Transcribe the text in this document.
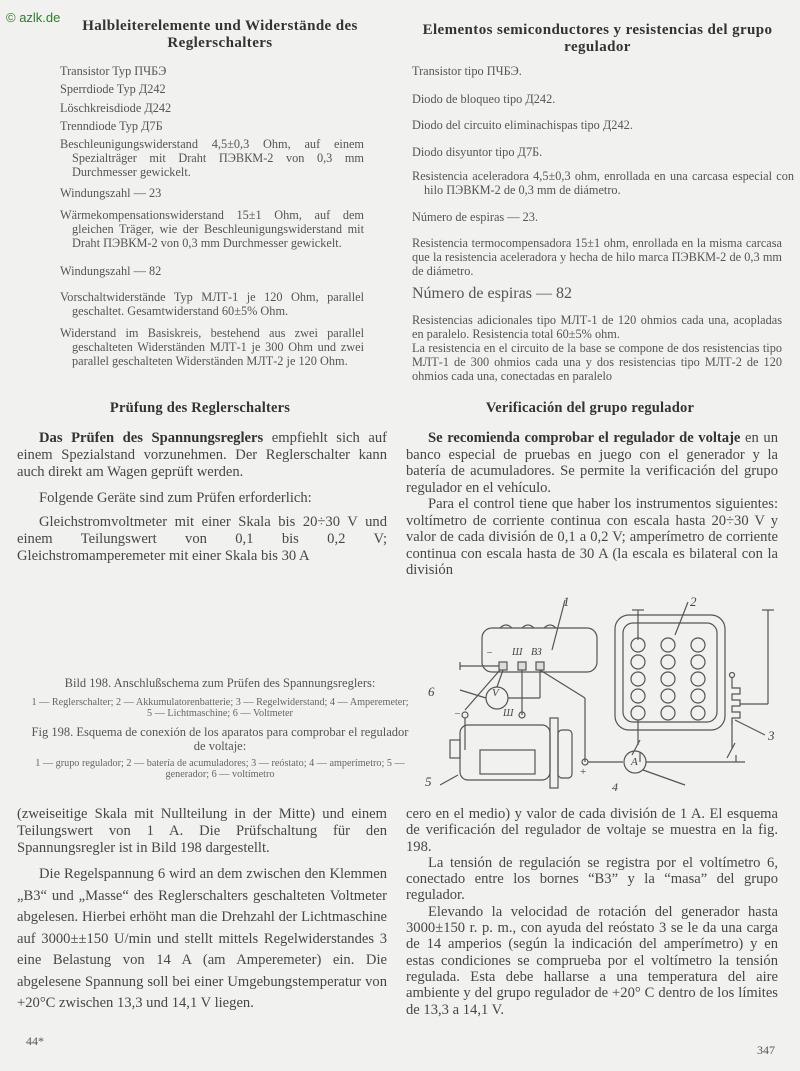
© azlk.de
Halbleiterelemente und Widerstände des Reglerschalters
Transistor Typ ПЧБЭ
Sperrdiode Typ Д242
Löschkreisdiode Д242
Trenndiode Typ Д7Б
Beschleunigungswiderstand 4,5±0,3 Ohm, auf einem Spezialträger mit Draht ПЭВКМ-2 von 0,3 mm Durchmesser gewickelt.
Windungszahl — 23
Wärmekompensationswiderstand 15±1 Ohm, auf dem gleichen Träger, wie der Beschleunigungswiderstand mit Draht ПЭВКМ-2 von 0,3 mm Durchmesser gewickelt.
Windungszahl — 82
Vorschaltwiderstände Typ МЛТ-1 je 120 Ohm, parallel geschaltet. Gesamtwiderstand 60±5% Ohm.
Widerstand im Basiskreis, bestehend aus zwei parallel geschalteten Widerständen МЛТ-1 je 300 Ohm und zwei parallel geschalteten Widerständen МЛТ-2 je 120 Ohm.
Prüfung des Reglerschalters

Das Prüfen des Spannungsreglers empfiehlt sich auf einem Spezialstand vorzunehmen. Der Reglerschalter kann auch direkt am Wagen geprüft werden.

Folgende Geräte sind zum Prüfen erforderlich:

Gleichstromvoltmeter mit einer Skala bis 20÷30 V und einem Teilungswert von 0,1 bis 0,2 V; Gleichstromamperemeter mit einer Skala bis 30 A

Bild 198. Anschlußschema zum Prüfen des Spannungsreglers:
1 — Reglerschalter; 2 — Akkumulatorenbatterie; 3 — Regelwiderstand; 4 — Amperemeter; 5 — Lichtmaschine; 6 — Voltmeter
Fig 198. Esquema de conexión de los aparatos para comprobar el regulador de voltaje:
1 — grupo regulador; 2 — batería de acumuladores; 3 — reóstato; 4 — amperímetro; 5 — generador; 6 — voltímetro

(zweiseitige Skala mit Nullteilung in der Mitte) und einem Teilungswert von 1 A. Die Prüfschaltung für den Spannungsregler ist in Bild 198 dargestellt.

Die Regelspannung 6 wird an dem zwischen den Klemmen „B3“ und „Masse“ des Reglerschalters geschalteten Voltmeter abgelesen. Hierbei erhöht man die Drehzahl der Lichtmaschine auf 3000±±150 U/min und stellt mittels Regelwiderstandes 3 eine Belastung von 14 A (am Amperemeter) ein. Die abgelesene Spannung soll bei einer Umgebungstemperatur von +20°C zwischen 13,3 und 14,1 V liegen.

44*
Elementos semiconductores y resistencias del grupo regulador
Transistor tipo ПЧБЭ.
Diodo de bloqueo tipo Д242.
Diodo del circuito eliminachispas tipo Д242.
Diodo disyuntor tipo Д7Б.
Resistencia aceleradora 4,5±0,3 ohm, enrollada en una carcasa especial con hilo ПЭВКМ-2 de 0,3 mm de diámetro.
Número de espiras — 23.
Resistencia termocompensadora 15±1 ohm, enrollada en la misma carcasa que la resistencia aceleradora y hecha de hilo marca ПЭВКМ-2 de 0,3 mm de diámetro.
Número de espiras — 82
Resistencias adicionales tipo МЛТ-1 de 120 ohmios cada una, acopladas en paralelo. Resistencia total 60±5% ohm.
La resistencia en el circuito de la base se compone de dos resistencias tipo МЛТ-1 de 300 ohmios cada una y dos resistencias tipo МЛТ-2 de 120 ohmios cada una, conectadas en paralelo
Verificación del grupo regulador

Se recomienda comprobar el regulador de voltaje en un banco especial de pruebas en juego con el generador y la batería de acumuladores. Se permite la verificación del grupo regulador en el vehículo.

Para el control tiene que haber los instrumentos siguientes: voltímetro de corriente continua con escala hasta 20÷30 V y valor de cada división de 0,1 a 0,2 V; amperímetro de corriente continua con escala hasta de 30 A (la escala es bilateral con la división

1	2
3
4
5
6
– Ш ВЗ
V
A
Ш
–
+

cero en el medio) y valor de cada división de 1 A. El esquema de verificación del regulador de voltaje se muestra en la fig. 198.

La tensión de regulación se registra por el voltímetro 6, conectado entre los bornes “B3” y la “masa” del grupo regulador.

Elevando la velocidad de rotación del generador hasta 3000±150 r. p. m., con ayuda del reóstato 3 se le da una carga de 14 amperios (según la indicación del amperímetro) y en estas condiciones se comprueba por el voltímetro la tensión regulada. Esta debe hallarse a una temperatura del aire ambiente y del grupo regulador de +20° C dentro de los límites de 13,3 a 14,1 V.

347
